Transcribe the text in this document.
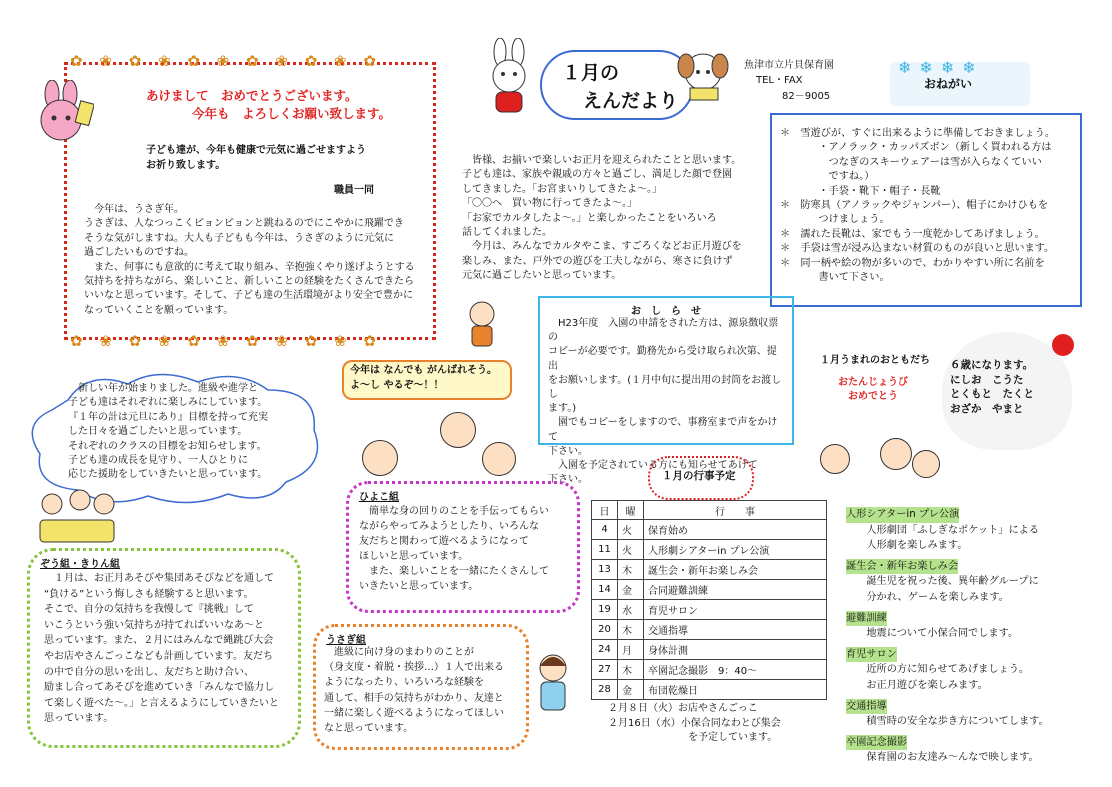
✿ ❀ ✿ ❀ ✿ ❀ ✿ ❀ ✿ ❀ ✿
✿ ❀ ✿ ❀ ✿ ❀ ✿ ❀ ✿ ❀ ✿
あけまして　おめでとうございます。
今年も　よろしくお願い致します。
子ども達が、今年も健康で元気に過ごせますよう
お祈り致します。
職員一同
　今年は、うさぎ年。
うさぎは、人なつっこくピョンピョンと跳ねるのでにこやかに飛躍でき
そうな気がしますね。大人も子どもも今年は、うさぎのように元気に
過ごしたいものですね。
　また、何事にも意欲的に考えて取り組み、辛抱強くやり遂げようとする
気持ちを持ちながら、楽しいこと、新しいことの経験をたくさんできたら
いいなと思っています。そして、子ども達の生活環境がより安全で豊かに
なっていくことを願っています。
１月の
えんだより
魚津市立片貝保育園
TEL・FAX
82－9005
❄❄❄❄
おねがい
　皆様、お揃いで楽しいお正月を迎えられたことと思います。
子ども達は、家族や親戚の方々と過ごし、満足した顔で登園
してきました。「お宮まいりしてきたよ～。」
「〇〇へ　買い物に行ってきたよ～。」
「お家でカルタしたよ～。」と楽しかったことをいろいろ
話してくれました。
　今月は、みんなでカルタやこま、すごろくなどお正月遊びを
楽しみ、また、戸外での遊びを工夫しながら、寒さに負けず
元気に過ごしたいと思っています。
＊　雪遊びが、すぐに出来るように準備しておきましょう。
　　・アノラック・カッパズボン（新しく買われる方は
　　　つなぎのスキーウェアーは雪が入らなくていい
　　　ですね。）
　　・手袋・靴下・帽子・長靴
＊　防寒具（アノラックやジャンパー）、帽子にかけひもを
　　つけましょう。
＊　濡れた長靴は、家でもう一度乾かしてあげましょう。
＊　手袋は雪が浸み込まない材質のものが良いと思います。
＊　同一柄や絵の物が多いので、わかりやすい所に名前を
　　書いて下さい。
お　し　ら　せ
　H23年度　入園の申請をされた方は、源泉徴収票の
コピーが必要です。勤務先から受け取られ次第、提出
をお願いします。(１月中旬に提出用の封筒をお渡しし
ます。)
　園でもコピーをしますので、事務室まで声をかけて
下さい。
　入園を予定されている方にも知らせてあげて
下さい。
今年は なんでも がんばれそう。
よ～し やるぞ～！！
１月うまれのおともだち
おたんじょうび
おめでとう
６歳になります。
にしお　こうた
とくもと　たくと
おざか　やまと
　新しい年が始まりました。進級や進学と
子ども達はそれぞれに楽しみにしています。
『１年の計は元旦にあり』目標を持って充実
した日々を過ごしたいと思っています。
それぞれのクラスの目標をお知らせします。
子ども達の成長を見守り、一人ひとりに
応じた援助をしていきたいと思っています。
ぞう組・きりん組
　１月は、お正月あそびや集団あそびなどを通して
“負ける”という悔しさも経験すると思います。
そこで、自分の気持ちを我慢して『挑戦』して
いこうという強い気持ちが持てればいいなあ～と
思っています。また、２月にはみんなで縄跳び大会
やお店やさんごっこなども計画しています。友だち
の中で自分の思いを出し、友だちと助け合い、
励まし合ってあそびを進めていき「みんなで協力し
て楽しく遊べた～。」と言えるようにしていきたいと
思っています。
ひよこ組
　簡単な身の回りのことを手伝ってもらい
ながらやってみようとしたり、いろんな
友だちと関わって遊べるようになって
ほしいと思っています。
　また、楽しいことを一緒にたくさんして
いきたいと思っています。
うさぎ組
　進級に向け身のまわりのことが
（身支度・着脱・挨拶…）１人で出来る
ようになったり、いろいろな経験を
通して、相手の気持ちがわかり、友達と
一緒に楽しく遊べるようになってほしい
なと思っています。
１月の行事予定
日	曜	行　　事
4	火	保育始め
11	火	人形劇シアターin プレ公演
13	木	誕生会・新年お楽しみ会
14	金	合同避難訓練
19	水	育児サロン
20	木	交通指導
24	月	身体計測
27	木	卒園記念撮影　9：40～
28	金	布団乾燥日
２月８日（火）お店やさんごっこ
２月16日（水）小保合同なわとび集会
　　　　　　　　を予定しています。
人形シアターin プレ公演
　　人形劇団「ふしぎなポケット」による
　　人形劇を楽しみます。
誕生会・新年お楽しみ会
　　誕生児を祝った後、異年齢グループに
　　分かれ、ゲームを楽しみます。
避難訓練
　　地震について小保合同でします。
育児サロン
　　近所の方に知らせてあげましょう。
　　お正月遊びを楽しみます。
交通指導
　　積雪時の安全な歩き方についてします。
卒園記念撮影
　　保育園のお友達み～んなで映します。
